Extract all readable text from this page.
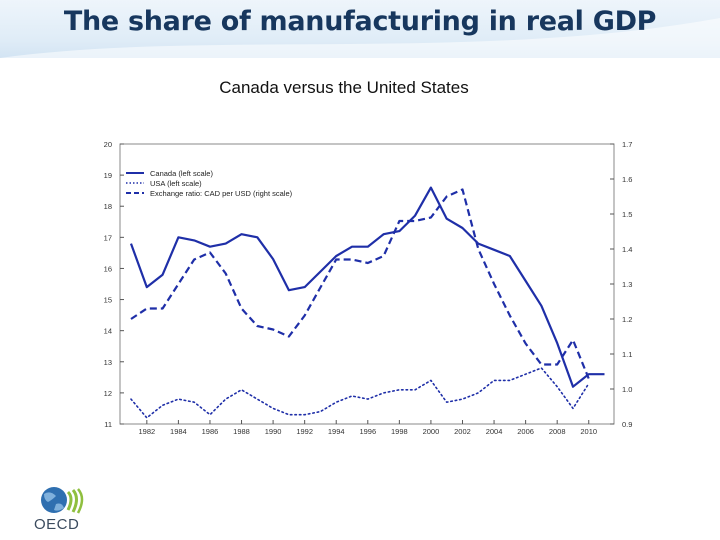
The share of manufacturing in real GDP
Canada versus the United States
11
12
13
14
15
16
17
18
19
20
0.9
1.0
1.1
1.2
1.3
1.4
1.5
1.6
1.7
1982 1984 1986 1988 1990 1992 1994 1996 1998 2000 2002 2004 2006 2008 2010
Canada (left scale)
USA (left scale)
Exchange ratio: CAD per USD (right scale)
OECD
